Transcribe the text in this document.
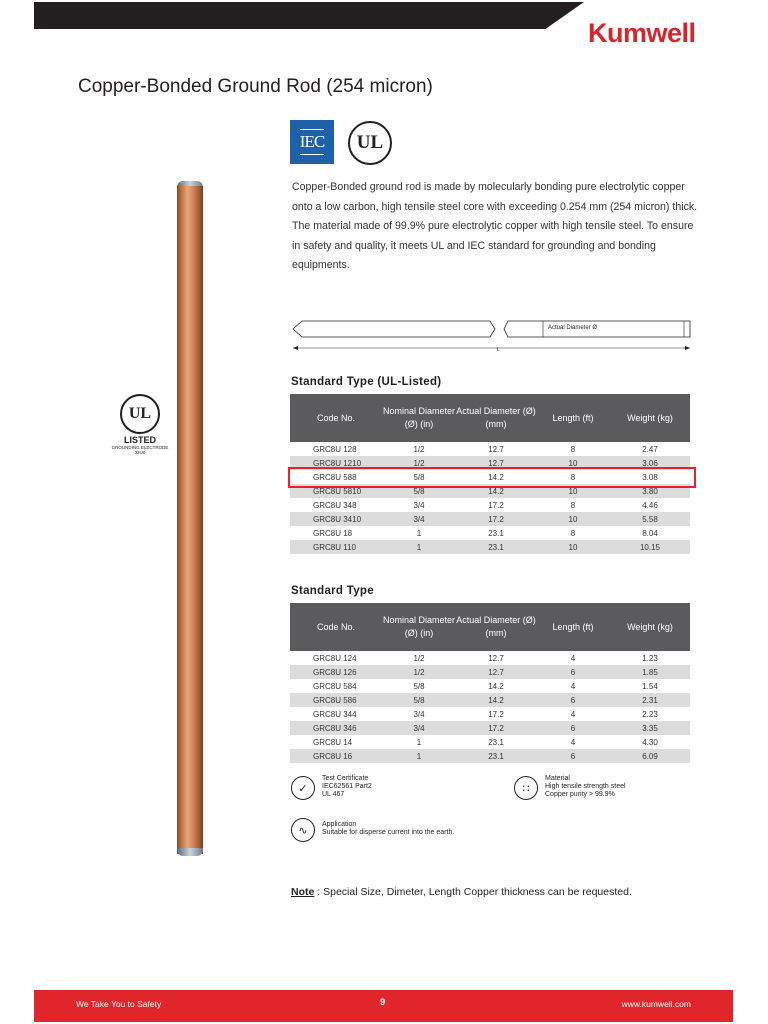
Kumwell
Copper-Bonded Ground Rod (254 micron)
IEC	UL
Copper-Bonded ground rod is made by molecularly bonding pure electrolytic copper onto a low carbon, high tensile steel core with exceeding 0.254 mm (254 micron) thick. The material made of 99.9% pure electrolytic copper with high tensile steel. To ensure in safety and quality, it meets UL and IEC standard for grounding and bonding equipments.
UL
LISTED
GROUNDING ELECTRODE
32U0
Actual Diameter Ø
L
Standard Type (UL-Listed)
Code No.	Nominal Diameter (Ø) (in)	Actual Diameter (Ø) (mm)	Length (ft)	Weight (kg)
GRC8U 128	1/2	12.7	8	2.47
GRC8U 1210	1/2	12.7	10	3.06
GRC8U 588	5/8	14.2	8	3.08
GRC8U 5810	5/8	14.2	10	3.80
GRC8U 348	3/4	17.2	8	4.46
GRC8U 3410	3/4	17.2	10	5.58
GRC8U 18	1	23.1	8	8.04
GRC8U 110	1	23.1	10	10.15
Standard Type
Code No.	Nominal Diameter (Ø) (in)	Actual Diameter (Ø) (mm)	Length (ft)	Weight (kg)
GRC8U 124	1/2	12.7	4	1.23
GRC8U 126	1/2	12.7	6	1.85
GRC8U 584	5/8	14.2	4	1.54
GRC8U 586	5/8	14.2	6	2.31
GRC8U 344	3/4	17.2	4	2.23
GRC8U 346	3/4	17.2	6	3.35
GRC8U 14	1	23.1	4	4.30
GRC8U 16	1	23.1	6	6.09
✓
Test Certificate
IEC62561 Part2
UL 467	∷
Material
High tensile strength steel
Copper purity > 99.9%
∿	Application
Suitable for disperse current into the earth.
Note : Special Size, Dimeter, Length Copper thickness can be requested.
We Take You to Safety	9	www.kumwell.com
